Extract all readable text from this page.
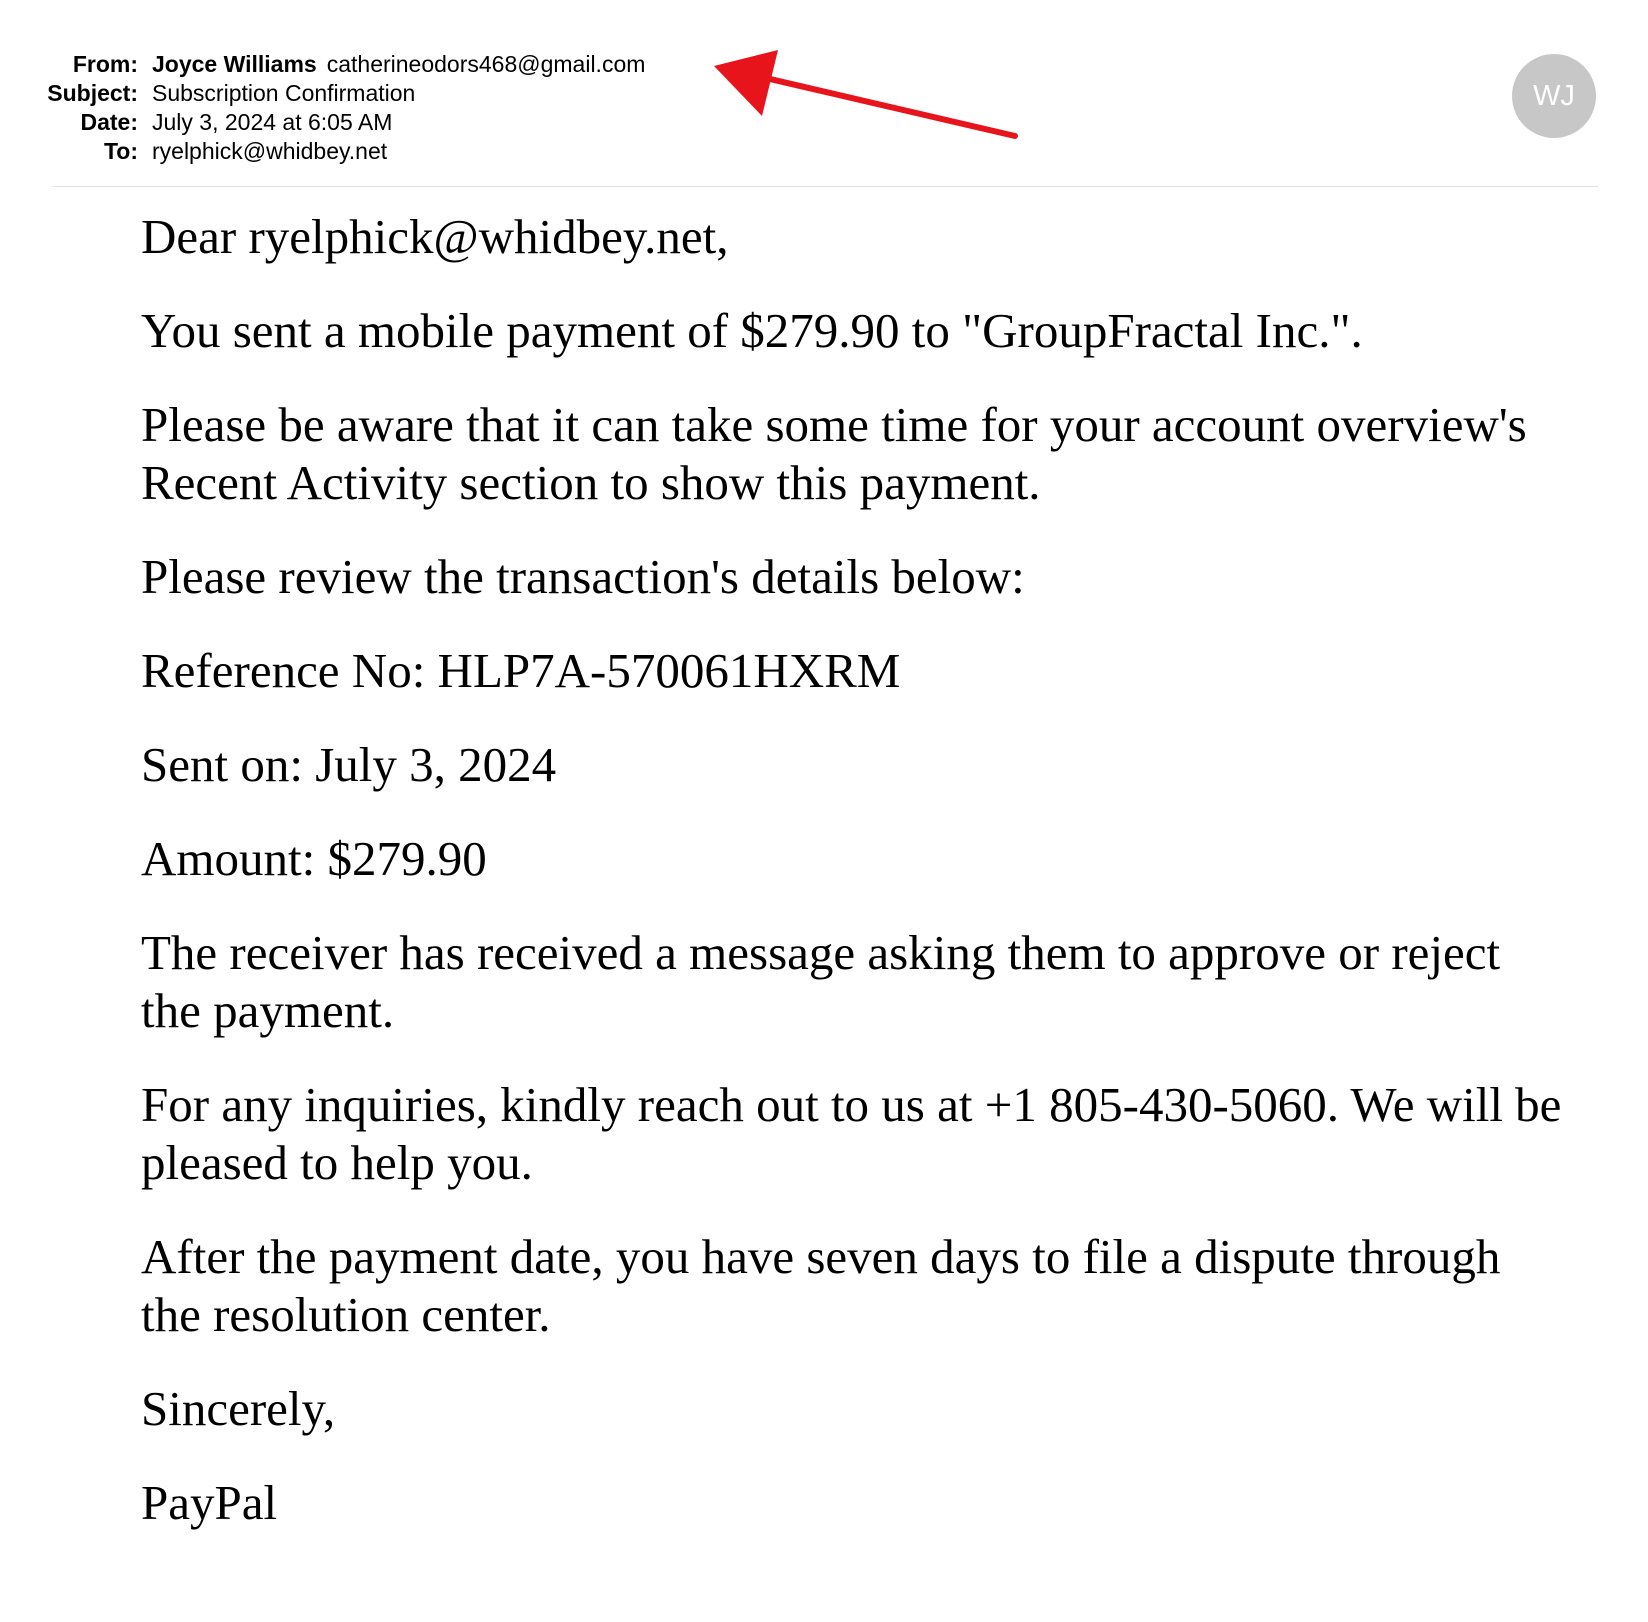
From: Joyce Williams catherineodors468@gmail.com
Subject: Subscription Confirmation
Date: July 3, 2024 at 6:05 AM
To: ryelphick@whidbey.net
WJ

Dear ryelphick@whidbey.net,

You sent a mobile payment of $279.90 to "GroupFractal Inc.".

Please be aware that it can take some time for your account overview's Recent Activity section to show this payment.

Please review the transaction's details below:

Reference No: HLP7A-570061HXRM

Sent on: July 3, 2024

Amount: $279.90

The receiver has received a message asking them to approve or reject the payment.

For any inquiries, kindly reach out to us at +1 805-430-5060. We will be pleased to help you.

After the payment date, you have seven days to file a dispute through the resolution center.

Sincerely,

PayPal
